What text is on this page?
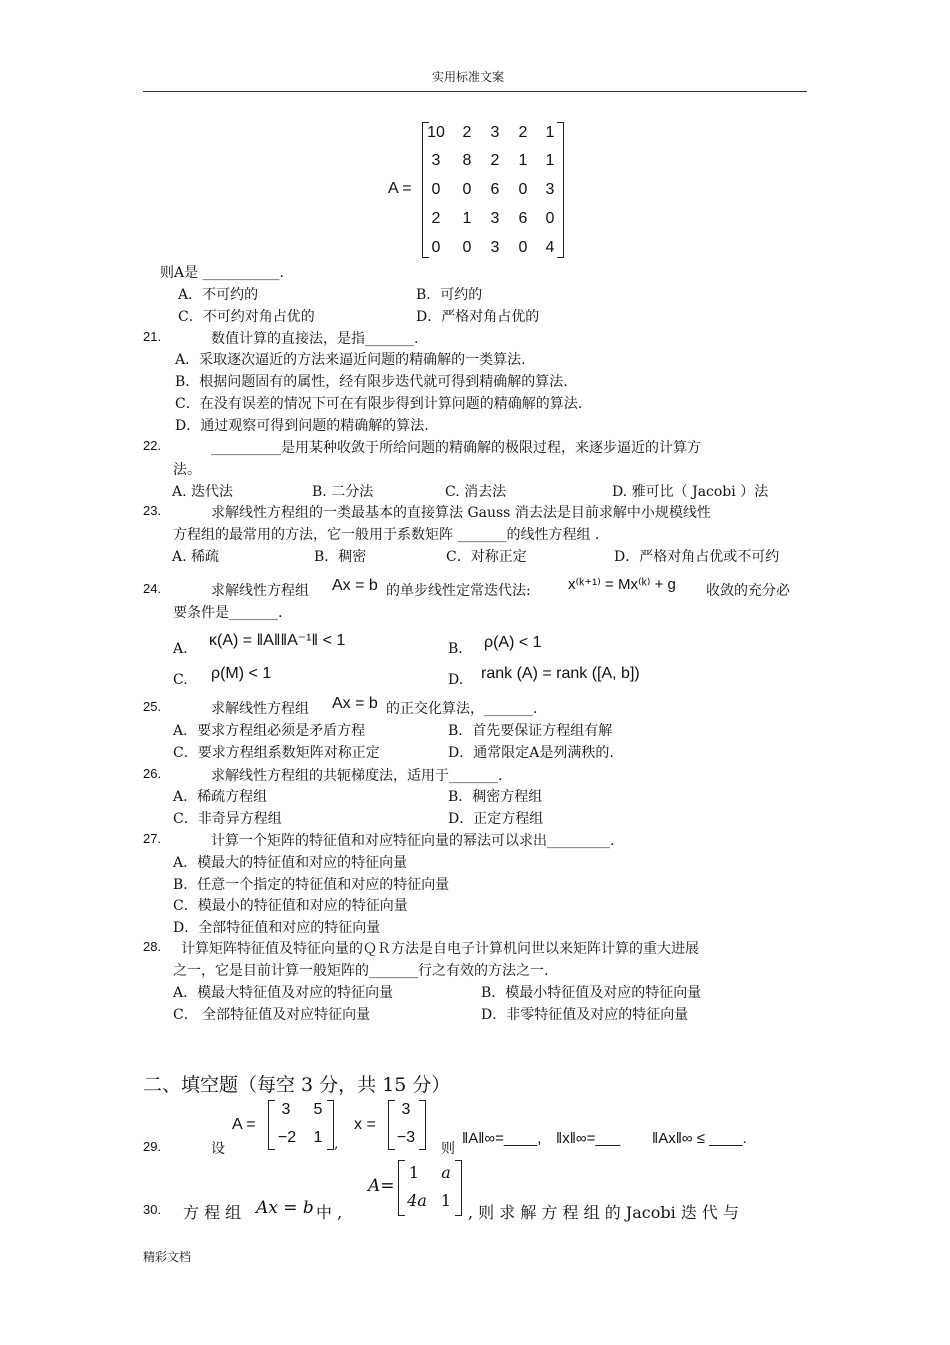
实用标准文案
A =
10 2 3 2 1
3	8 2 1 1
0	0 6 0 3
2	1 3 6 0
0	0 3 0 4
则A是 ___________.
A．不可约的	B．可约的
C．不可约对角占优的	D．严格对角占优的
21.	数值计算的直接法，是指_______.
A．采取逐次逼近的方法来逼近问题的精确解的一类算法.
B．根据问题固有的属性，经有限步迭代就可得到精确解的算法.
C．在没有误差的情况下可在有限步得到计算问题的精确解的算法.
D．通过观察可得到问题的精确解的算法.
22.	__________是用某种收敛于所给问题的精确解的极限过程，来逐步逼近的计算方
法。
A. 迭代法	B. 二分法	C. 消去法	D. 雅可比（ Jacobi ）法
23.	求解线性方程组的一类最基本的直接算法 Gauss 消去法是目前求解中小规模线性
方程组的最常用的方法，它一般用于系数矩阵 _______的线性方程组 .
A. 稀疏	B．稠密	C．对称正定	D．严格对角占优或不可约
24.	求解线性方程组 Ax = b 的单步线性定常迭代法: x⁽ᵏ⁺¹⁾ = Mx⁽ᵏ⁾ + g 收敛的充分必
要条件是_______.
A. κ(A) = ‖A‖‖A⁻¹‖ < 1	B. ρ(A) < 1
C. ρ(M) < 1	D. rank (A) = rank ([A, b])
25.	求解线性方程组 Ax = b 的正交化算法，_______.
A．要求方程组必须是矛盾方程	B．首先要保证方程组有解
C．要求方程组系数矩阵对称正定	D．通常限定A是列满秩的.
26.	求解线性方程组的共轭梯度法，适用于_______.
A．稀疏方程组	B．稠密方程组
C．非奇异方程组	D．正定方程组
27.	计算一个矩阵的特征值和对应特征向量的幂法可以求出_________.
A．模最大的特征值和对应的特征向量
B．任意一个指定的特征值和对应的特征向量
C．模最小的特征值和对应的特征向量
D．全部特征值和对应的特征向量
28. 计算矩阵特征值及特征向量的ＱＲ方法是自电子计算机问世以来矩阵计算的重大进展
之一，它是目前计算一般矩阵的_______行之有效的方法之一.
A．模最大特征值及对应的特征向量	B．模最小特征值及对应的特征向量
C． 全部特征值及对应特征向量	D．非零特征值及对应的特征向量
二、填空题（每空 3 分，共 15 分）
29.	设
A =
3	5
−2	1 ,
x =
3
−3
则
‖A‖∞=____, ‖x‖∞=___ ‖Ax‖∞ ≤ ____.
30. 方 程 组 Ax = b 中 ,
A=
1	a
4a 1
, 则 求 解 方 程 组 的 Jacobi 迭 代 与
精彩文档
